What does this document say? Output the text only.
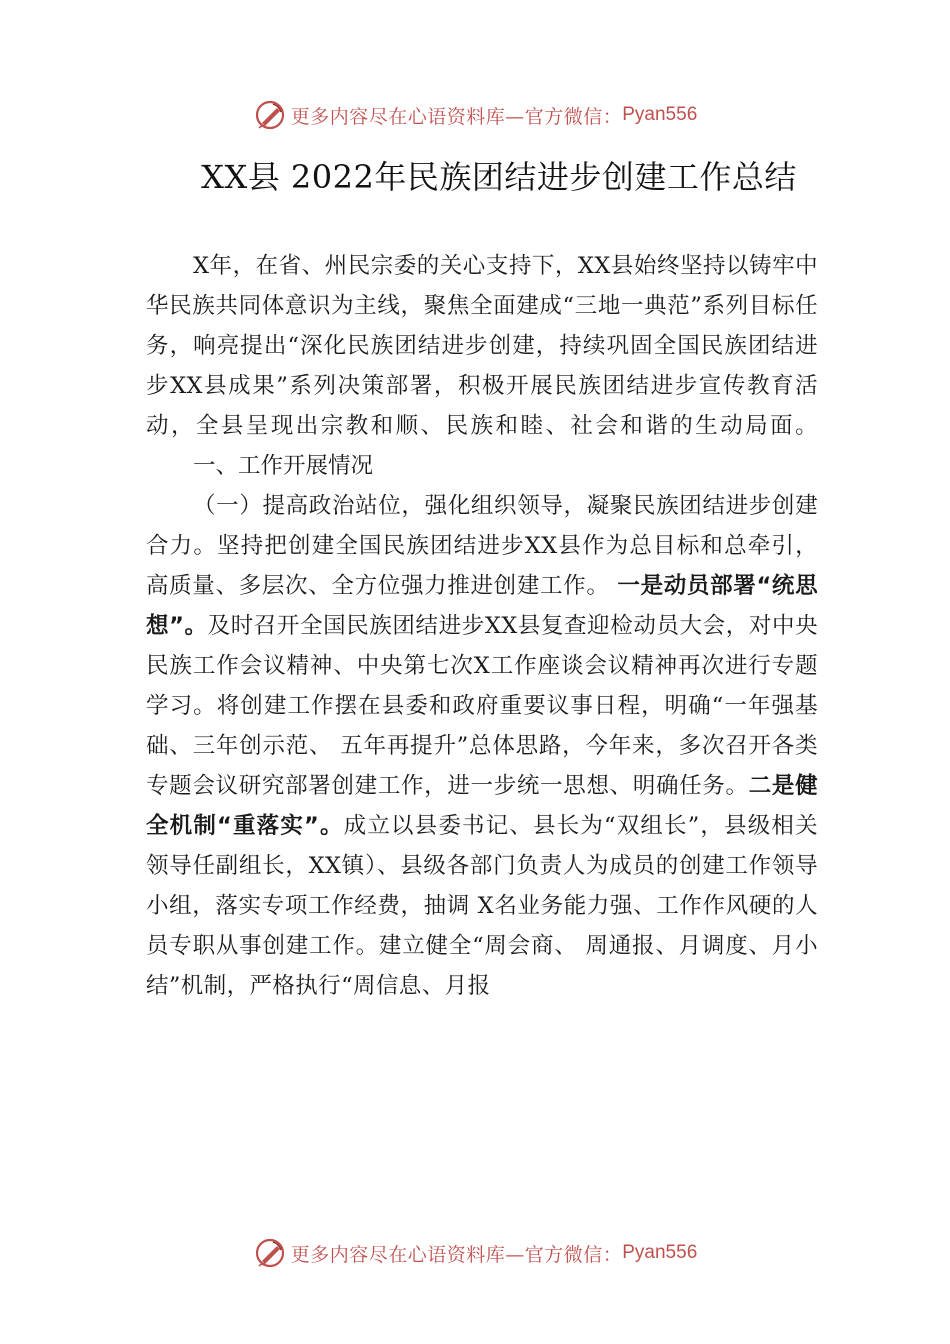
更多内容尽在心语资料库—官方微信： Pyan556
XX县 2022年民族团结进步创建工作总结

X年，在省、州民宗委的关心支持下，XX县始终坚持以铸牢中华民族共同体意识为主线，聚焦全面建成“三地一典范”系列目标任务，响亮提出“深化民族团结进步创建，持续巩固全国民族团结进步XX县成果”系列决策部署，积极开展民族团结进步宣传教育活动，全县呈现出宗教和顺、民族和睦、社会和谐的生动局面。

一、工作开展情况

（一）提高政治站位，强化组织领导，凝聚民族团结进步创建合力。坚持把创建全国民族团结进步XX县作为总目标和总牵引，高质量、多层次、全方位强力推进创建工作。 一是动员部署“统思想”。及时召开全国民族团结进步XX县复查迎检动员大会，对中央民族工作会议精神、中央第七次X工作座谈会议精神再次进行专题学习。将创建工作摆在县委和政府重要议事日程，明确“一年强基础、三年创示范、 五年再提升”总体思路，今年来，多次召开各类专题会议研究部署创建工作，进一步统一思想、明确任务。二是健全机制“重落实”。成立以县委书记、县长为“双组长”，县级相关领导任副组长，XX镇）、县级各部门负责人为成员的创建工作领导小组，落实专项工作经费，抽调 X名业务能力强、工作作风硬的人员专职从事创建工作。建立健全“周会商、 周通报、月调度、月小结”机制，严格执行“周信息、月报

更多内容尽在心语资料库—官方微信： Pyan556
